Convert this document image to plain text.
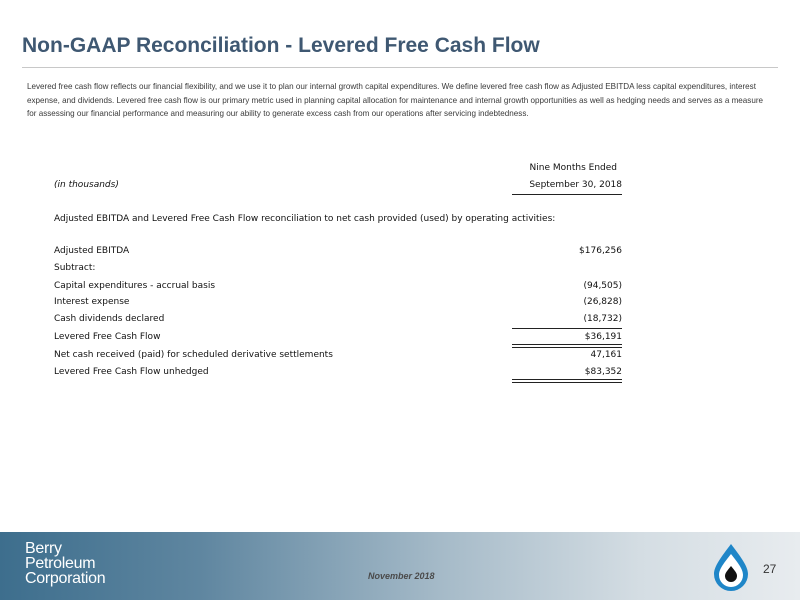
Non-GAAP Reconciliation - Levered Free Cash Flow
Levered free cash flow reflects our financial flexibility, and we use it to plan our internal growth capital expenditures. We define levered free cash flow as Adjusted EBITDA less capital expenditures, interest expense, and dividends. Levered free cash flow is our primary metric used in planning capital allocation for maintenance and internal growth opportunities as well as hedging needs and serves as a measure for assessing our financial performance and measuring our ability to generate excess cash from our operations after servicing indebtedness.
Nine Months Ended
(in thousands)	September 30, 2018
Adjusted EBITDA and Levered Free Cash Flow reconciliation to net cash provided (used) by operating activities:
Adjusted EBITDA	$176,256
Subtract:
Capital expenditures - accrual basis	(94,505)
Interest expense	(26,828)
Cash dividends declared	(18,732)
Levered Free Cash Flow	$36,191
Net cash received (paid) for scheduled derivative settlements	47,161
Levered Free Cash Flow unhedged	$83,352
Berry
Petroleum
Corporation	November 2018	27
